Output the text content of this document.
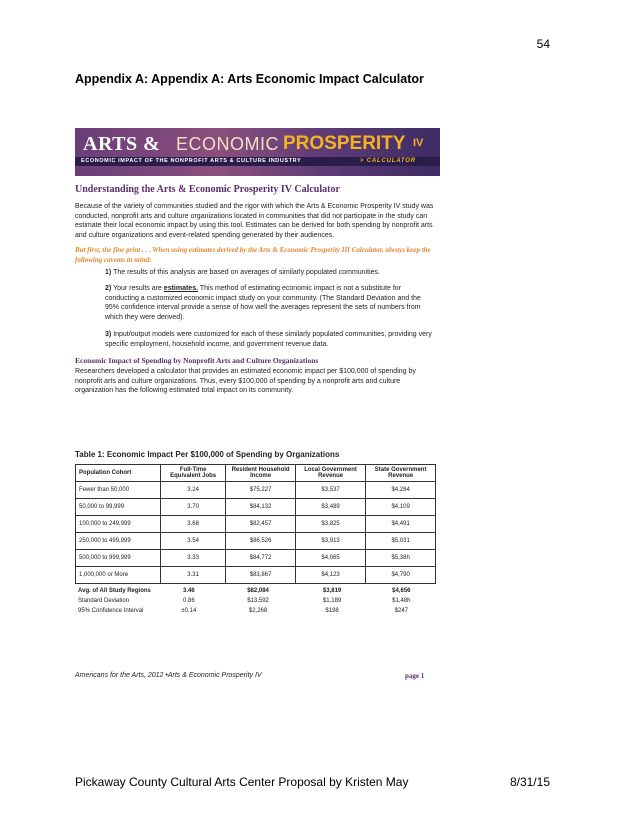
54
Appendix A: Appendix A: Arts Economic Impact Calculator
ARTS & ECONOMIC PROSPERITY IV
ECONOMIC IMPACT OF THE NONPROFIT ARTS & CULTURE INDUSTRY	> CALCULATOR
Understanding the Arts & Economic Prosperity IV Calculator
Because of the variety of communities studied and the rigor with which the Arts & Economic Prosperity IV study was conducted, nonprofit arts and culture organizations located in communities that did not participate in the study can estimate their local economic impact by using this tool. Estimates can be derived for both spending by nonprofit arts and culture organizations and event-related spending generated by their audiences.
But first, the fine print . . . When using estimates derived by the Arts & Economic Prosperity III Calculator, always keep the following caveats in mind:
1) The results of this analysis are based on averages of similarly populated communities.
2) Your results are estimates. This method of estimating economic impact is not a substitute for conducting a customized economic impact study on your community. (The Standard Deviation and the 95% confidence interval provide a sense of how well the averages represent the sets of numbers from which they were derived).
3) Input/output models were customized for each of these similarly populated communities, providing very specific employment, household income, and government revenue data.
Economic Impact of Spending by Nonprofit Arts and Culture Organizations
Researchers developed a calculator that provides an estimated economic impact per $100,000 of spending by nonprofit arts and culture organizations. Thus, every $100,000 of spending by a nonprofit arts and culture organization has the following estimated total impact on its community.
Table 1: Economic Impact Per $100,000 of Spending by Organizations
Population Cohort	Full-Time Equivalent Jobs	Resident Household Income	Local Government Revenue	State Government Revenue
Fewer than 50,000	3.24	$75,227	$3,537	$4,284
50,000 to 99,999	3.70	$84,132	$3,489	$4,109
100,000 to 249,999	3.68	$82,457	$3,825	$4,491
250,000 to 499,999	3.54	$86,526	$3,913	$5,031
500,000 to 999,999	3.33	$84,772	$4,065	$5,38h
1,000,000 or More	3.31	$83,867	$4,123	$4,790
Avg. of All Study Regions	3.46	$82,084	$3,819	$4,656
Standard Deviation	0.86	$13,592	$1,189	$1,48h
95% Confidence Interval	±0.14	$2,268	$198	$247
Americans for the Arts, 2012 •Arts & Economic Prosperity IV	page 1
Pickaway County Cultural Arts Center Proposal by Kristen May	8/31/15
